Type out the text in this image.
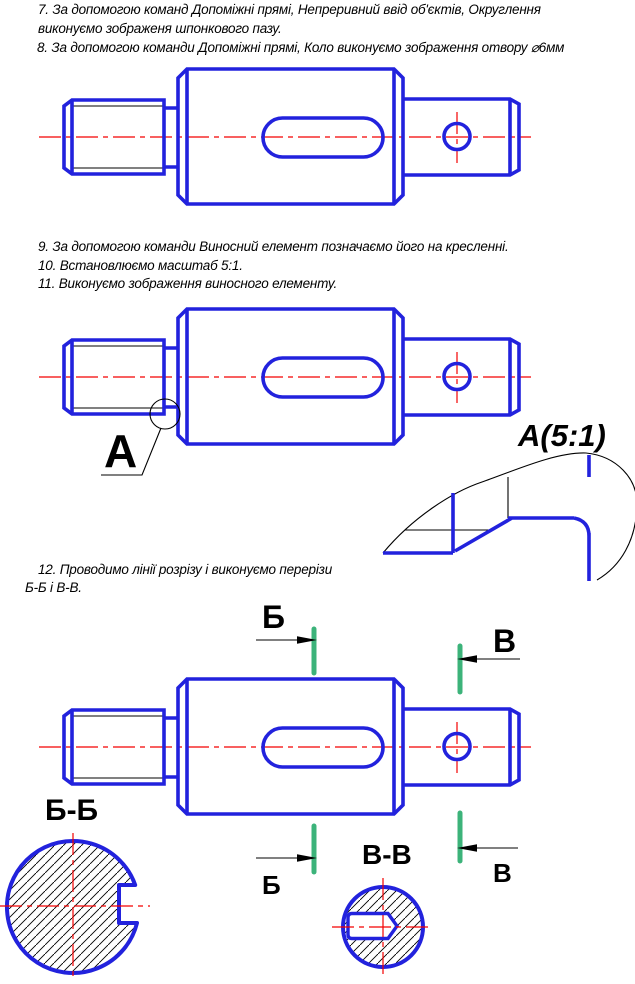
А	А(5:1)
Б
В
Б	В
Б-Б
В-В
7. За допомогою команд Допоміжні прямі, Непреривний ввід об'єктів, Округлення
виконуємо зображеня шпонкового пазу.
8. За допомогою команди Допоміжні прямі, Коло виконуємо зображення отвору ⌀6мм
9. За допомогою команди Виносний елемент позначаємо його на кресленні.
10. Встановлюємо масштаб 5:1.
11. Виконуємо зображення виносного елементу.
12. Проводимо лінії розрізу і виконуємо перерізи
Б-Б і В-В.
